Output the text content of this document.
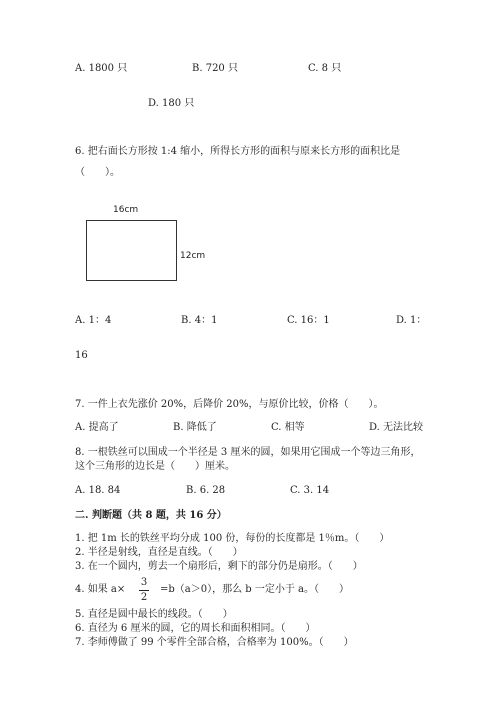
A. 1800 只	B. 720 只	C. 8 只
D. 180 只
6. 把右面长方形按 1:4 缩小，所得长方形的面积与原来长方形的面积比是
（　　）。
16cm
12cm
A. 1：4	B. 4：1	C. 16：1	D. 1：
16
7. 一件上衣先涨价 20%，后降价 20%，与原价比较，价格（　　）。
A. 提高了	B. 降低了	C. 相等	D. 无法比较
8. 一根铁丝可以围成一个半径是 3 厘米的圆，如果用它围成一个等边三角形，
这个三角形的边长是（　　）厘米。
A. 18. 84	B. 6. 28	C. 3. 14
二. 判断题（共 8 题，共 16 分）
1. 把 1m 长的铁丝平均分成 100 份，每份的长度都是 1％m。（　　）
2. 半径是射线，直径是直线。（　　）
3. 在一个圆内，剪去一个扇形后，剩下的部分仍是扇形。（　　）
4. 如果 a×
3
2
=b（a＞0），那么 b 一定小于 a。（　　）
5. 直径是圆中最长的线段。（　　）
6. 直径为 6 厘米的圆，它的周长和面积相同。（　　）
7. 李师傅做了 99 个零件全部合格，合格率为 100%。（　　）
